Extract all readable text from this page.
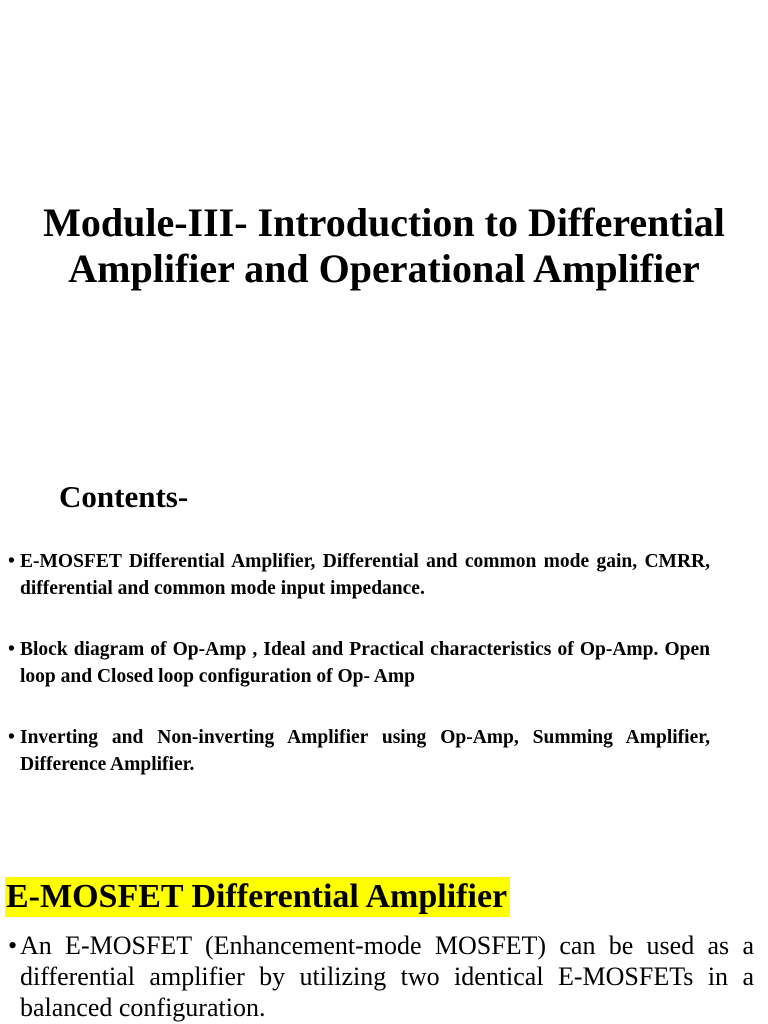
Module-III- Introduction to Differential
Amplifier and Operational Amplifier
Contents-
• E-MOSFET Differential Amplifier, Differential and common mode gain, CMRR, differential and common mode input impedance.
• Block diagram of Op-Amp , Ideal and Practical characteristics of Op-Amp. Open loop and Closed loop configuration of Op- Amp
• Inverting and Non-inverting Amplifier using Op-Amp, Summing Amplifier, Difference Amplifier.
E-MOSFET Differential Amplifier

• An E-MOSFET (Enhancement-mode MOSFET) can be used as a differential amplifier by utilizing two identical E-MOSFETs in a balanced configuration.
